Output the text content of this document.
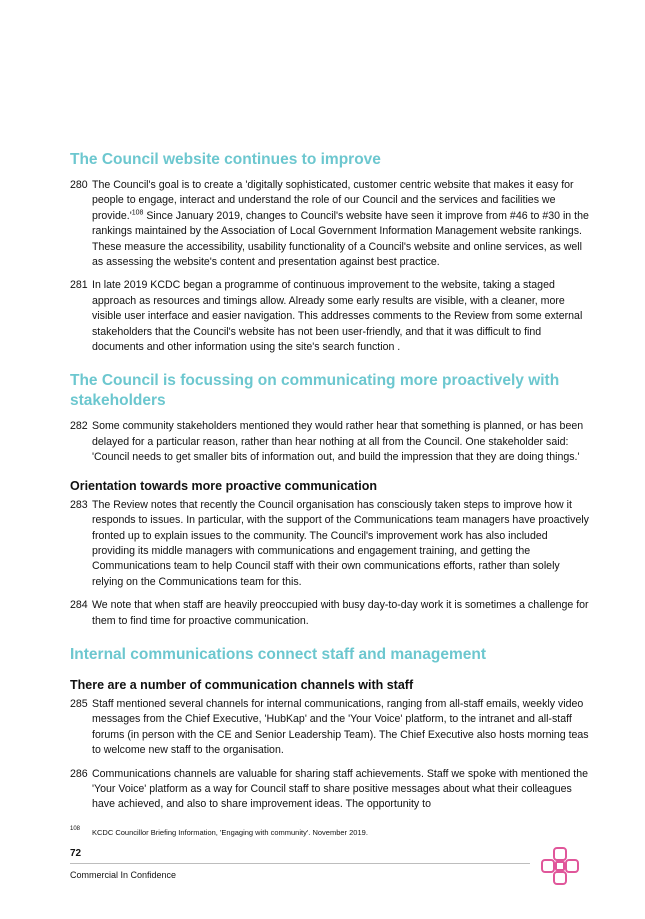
The Council website continues to improve
280 The Council's goal is to create a 'digitally sophisticated, customer centric website that makes it easy for people to engage, interact and understand the role of our Council and the services and facilities we $provide.'^{108}$ Since January 2019, changes to Council's website have seen it improve from #46 to #30 in the rankings maintained by the Association of Local Government Information Management website rankings. These measure the accessibility, usability functionality of a Council's website and online services, as well as assessing the website's content and presentation against best practice.
281 In late 2019 KCDC began a programme of continuous improvement to the website, taking a staged approach as resources and timings allow. Already some early results are visible, with a cleaner, more visible user interface and easier navigation. This addresses comments to the Review from some external stakeholders that the Council's website has not been user-friendly, and that it was difficult to find documents and other information using the site's search function .
The Council is focussing on communicating more proactively with stakeholders
282 Some community stakeholders mentioned they would rather hear that something is planned, or has been delayed for a particular reason, rather than hear nothing at all from the Council. One stakeholder said: 'Council needs to get smaller bits of information out, and build the impression that they are doing things.'
Orientation towards more proactive communication
283 The Review notes that recently the Council organisation has consciously taken steps to improve how it responds to issues. In particular, with the support of the Communications team managers have proactively fronted up to explain issues to the community. The Council's improvement work has also included providing its middle managers with communications and engagement training, and getting the Communications team to help Council staff with their own communications efforts, rather than solely relying on the Communications team for this.
284 We note that when staff are heavily preoccupied with busy day-to-day work it is sometimes a challenge for them to find time for proactive communication.
Internal communications connect staff and management
There are a number of communication channels with staff
285 Staff mentioned several channels for internal communications, ranging from all-staff emails, weekly video messages from the Chief Executive, 'HubKap' and the 'Your Voice' platform, to the intranet and all-staff forums (in person with the CE and Senior Leadership Team). The Chief Executive also hosts morning teas to welcome new staff to the organisation.
286 Communications channels are valuable for sharing staff achievements. Staff we spoke with mentioned the 'Your Voice' platform as a way for Council staff to share positive messages about what their colleagues have achieved, and also to share improvement ideas. The opportunity to
108 KCDC Councillor Briefing Information, 'Engaging with community'. November 2019.
72
Commercial In Confidence
